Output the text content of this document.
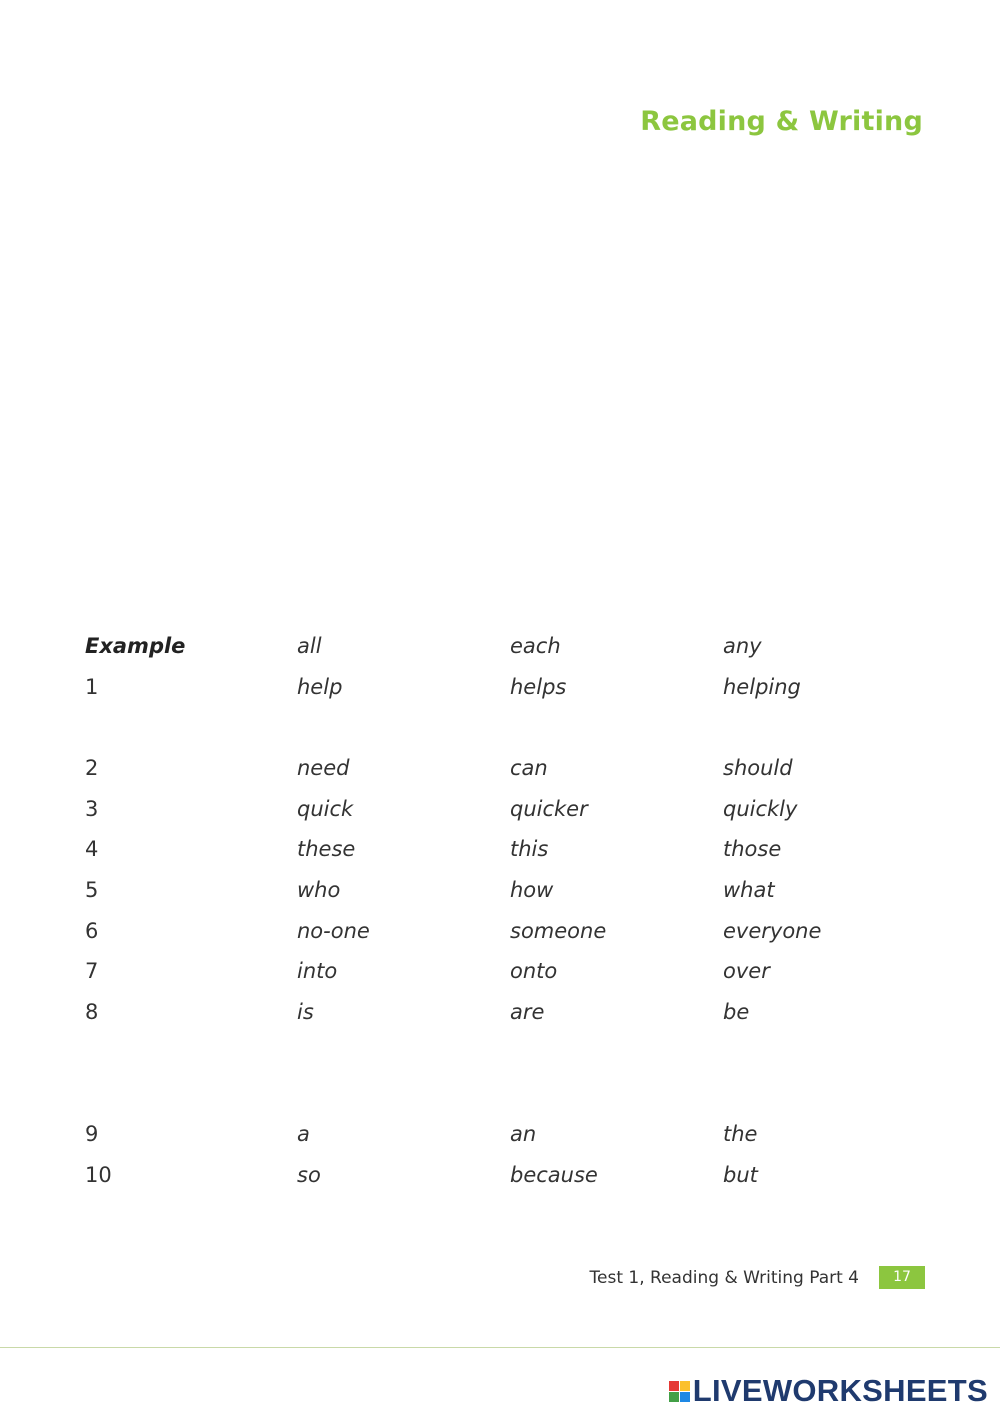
Reading & Writing
Example	all	each	any
1	help	helps	helping
2	need	can	should
3	quick	quicker	quickly
4	these	this	those
5	who	how	what
6	no-one	someone	everyone
7	into	onto	over
8	is	are	be
9	a	an	the
10	so	because	but
Test 1, Reading & Writing Part 4	17
LIVEWORKSHEETS
